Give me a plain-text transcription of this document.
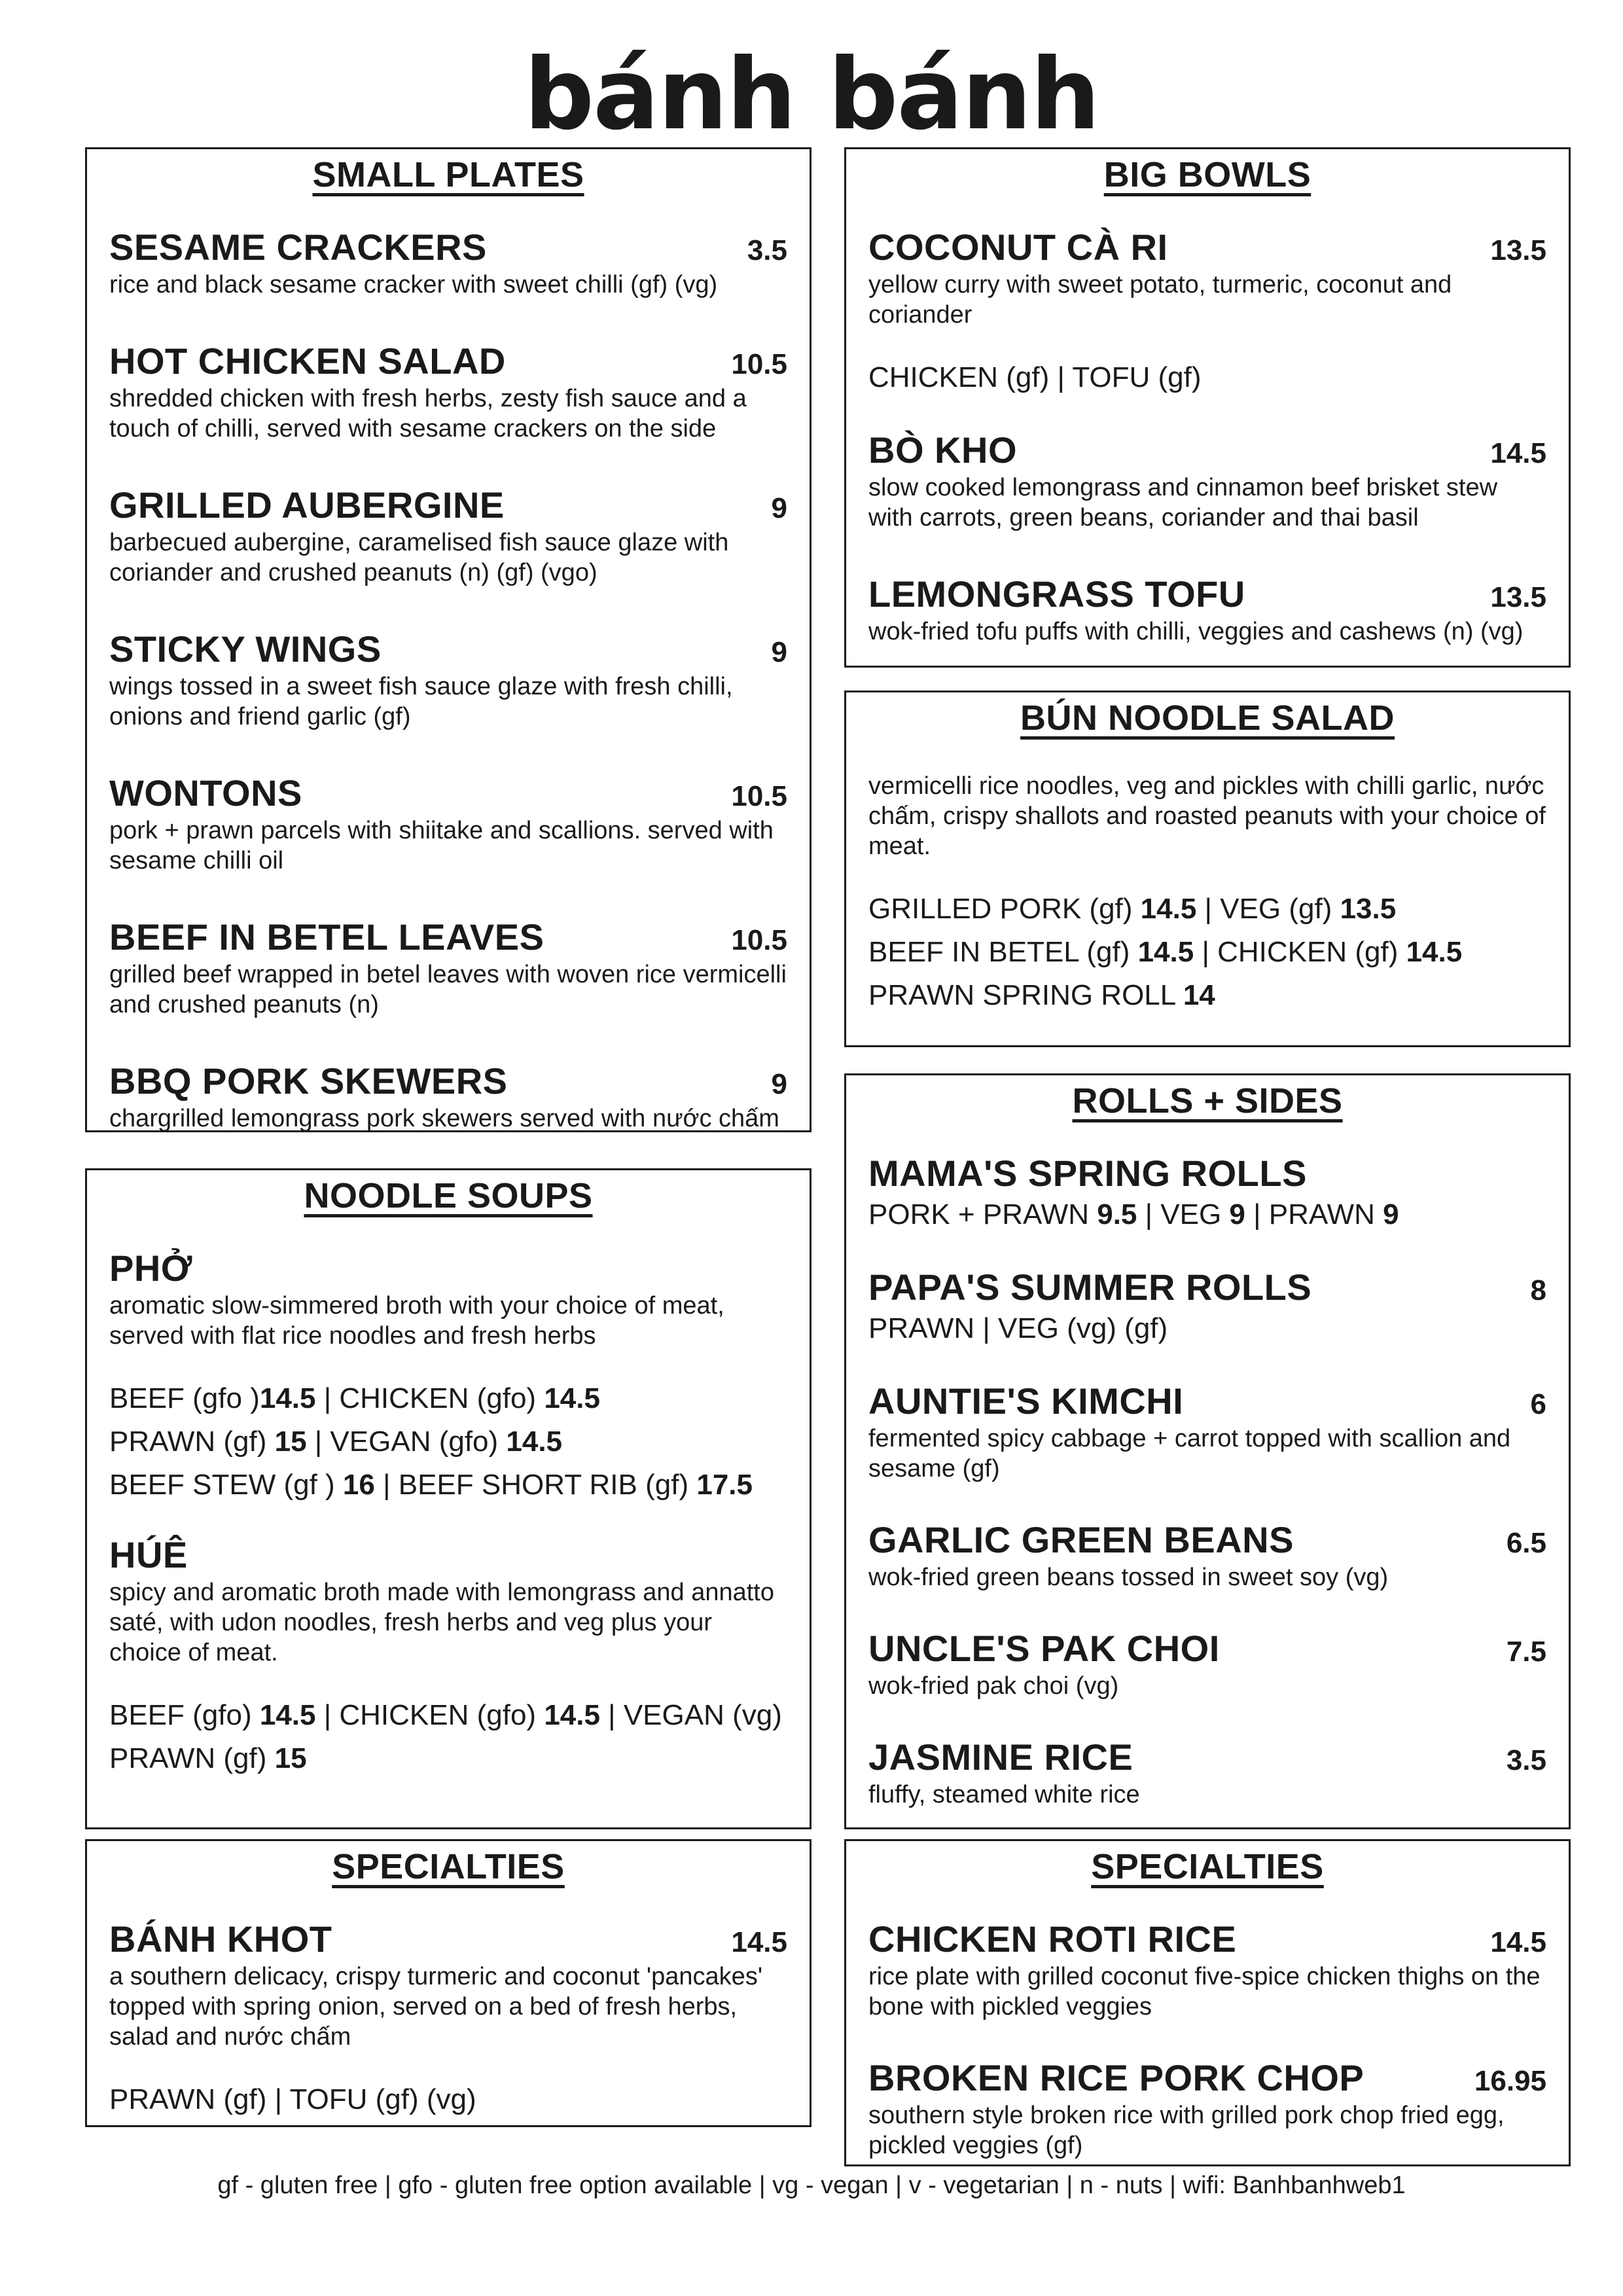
bánh bánh
SMALL PLATES
SESAME CRACKERS	3.5
rice and black sesame cracker with sweet chilli (gf) (vg)
HOT CHICKEN SALAD	10.5
shredded chicken with fresh herbs, zesty fish sauce and a touch of chilli, served with sesame crackers on the side
GRILLED AUBERGINE	9
barbecued aubergine, caramelised fish sauce glaze with coriander and crushed peanuts (n) (gf) (vgo)
STICKY WINGS	9
wings tossed in a sweet fish sauce glaze with fresh chilli, onions and friend garlic (gf)
WONTONS	10.5
pork + prawn parcels with shiitake and scallions. served with sesame chilli oil
BEEF IN BETEL LEAVES	10.5
grilled beef wrapped in betel leaves with woven rice vermicelli and crushed peanuts (n)
BBQ PORK SKEWERS	9
chargrilled lemongrass pork skewers served with nước chấm
NOODLE SOUPS
PHỞ
aromatic slow-simmered broth with your choice of meat, served with flat rice noodles and fresh herbs
BEEF (gfo )14.5 | CHICKEN (gfo) 14.5
PRAWN (gf) 15 | VEGAN (gfo) 14.5
BEEF STEW (gf ) 16 | BEEF SHORT RIB (gf) 17.5
HÚÊ
spicy and aromatic broth made with lemongrass and annatto saté, with udon noodles, fresh herbs and veg plus your choice of meat.
BEEF (gfo) 14.5 | CHICKEN (gfo) 14.5 | VEGAN (vg)
PRAWN (gf) 15
SPECIALTIES
BÁNH KHOT	14.5
a southern delicacy, crispy turmeric and coconut 'pancakes' topped with spring onion, served on a bed of fresh herbs, salad and nước chấm
PRAWN (gf) | TOFU (gf) (vg)
BIG BOWLS
COCONUT CÀ RI	13.5
yellow curry with sweet potato, turmeric, coconut and coriander
CHICKEN (gf) | TOFU (gf)
BÒ KHO	14.5
slow cooked lemongrass and cinnamon beef brisket stew with carrots, green beans, coriander and thai basil
LEMONGRASS TOFU	13.5
wok-fried tofu puffs with chilli, veggies and cashews (n) (vg)
BÚN NOODLE SALAD
vermicelli rice noodles, veg and pickles with chilli garlic, nước chấm, crispy shallots and roasted peanuts with your choice of meat.
GRILLED PORK (gf) 14.5 | VEG (gf) 13.5
BEEF IN BETEL (gf) 14.5 | CHICKEN (gf) 14.5
PRAWN SPRING ROLL 14
ROLLS + SIDES
MAMA'S SPRING ROLLS
PORK + PRAWN 9.5 | VEG 9 | PRAWN 9
PAPA'S SUMMER ROLLS	8
PRAWN | VEG (vg) (gf)
AUNTIE'S KIMCHI	6
fermented spicy cabbage + carrot topped with scallion and sesame (gf)
GARLIC GREEN BEANS	6.5
wok-fried green beans tossed in sweet soy (vg)
UNCLE'S PAK CHOI	7.5
wok-fried pak choi (vg)
JASMINE RICE	3.5
fluffy, steamed white rice
SPECIALTIES
CHICKEN ROTI RICE	14.5
rice plate with grilled coconut five-spice chicken thighs on the bone with pickled veggies
BROKEN RICE PORK CHOP	16.95
southern style broken rice with grilled pork chop fried egg, pickled veggies (gf)
gf - gluten free | gfo - gluten free option available | vg - vegan | v - vegetarian | n - nuts | wifi: Banhbanhweb1
